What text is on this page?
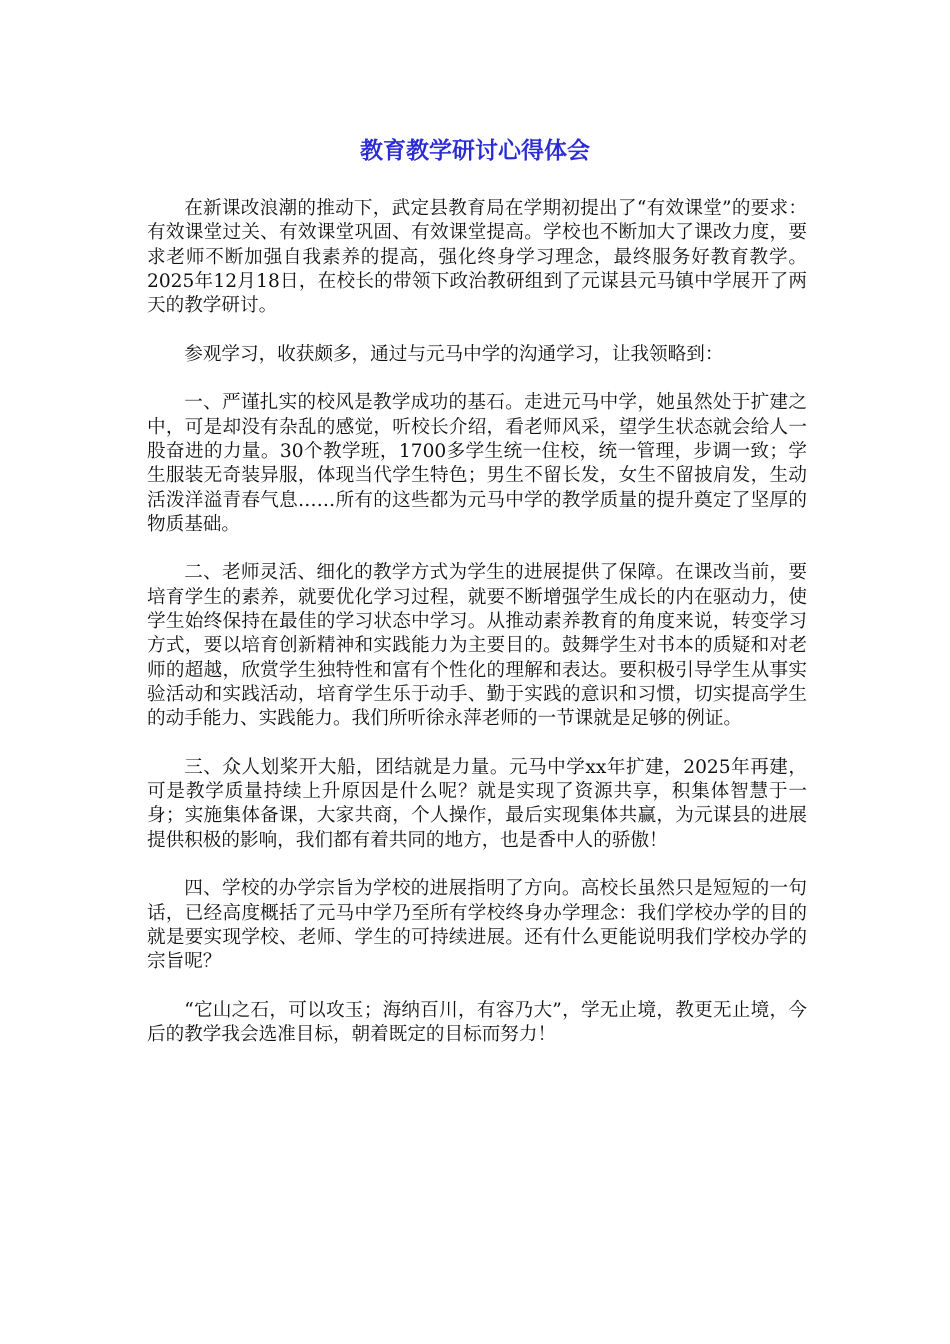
教育教学研讨心得体会

在新课改浪潮的推动下，武定县教育局在学期初提出了“有效课堂”的要求：有效课堂过关、有效课堂巩固、有效课堂提高。学校也不断加大了课改力度，要求老师不断加强自我素养的提高，强化终身学习理念，最终服务好教育教学。2025年12月18日，在校长的带领下政治教研组到了元谋县元马镇中学展开了两天的教学研讨。

参观学习，收获颇多，通过与元马中学的沟通学习，让我领略到：

一、严谨扎实的校风是教学成功的基石。走进元马中学，她虽然处于扩建之中，可是却没有杂乱的感觉，听校长介绍，看老师风采，望学生状态就会给人一股奋进的力量。30个教学班，1700多学生统一住校，统一管理，步调一致；学生服装无奇装异服，体现当代学生特色；男生不留长发，女生不留披肩发，生动活泼洋溢青春气息……所有的这些都为元马中学的教学质量的提升奠定了坚厚的物质基础。

二、老师灵活、细化的教学方式为学生的进展提供了保障。在课改当前，要培育学生的素养，就要优化学习过程，就要不断增强学生成长的内在驱动力，使学生始终保持在最佳的学习状态中学习。从推动素养教育的角度来说，转变学习方式，要以培育创新精神和实践能力为主要目的。鼓舞学生对书本的质疑和对老师的超越，欣赏学生独特性和富有个性化的理解和表达。要积极引导学生从事实验活动和实践活动，培育学生乐于动手、勤于实践的意识和习惯，切实提高学生的动手能力、实践能力。我们所听徐永萍老师的一节课就是足够的例证。

三、众人划桨开大船，团结就是力量。元马中学xx年扩建，2025年再建，可是教学质量持续上升原因是什么呢？就是实现了资源共享，积集体智慧于一身；实施集体备课，大家共商，个人操作，最后实现集体共赢，为元谋县的进展提供积极的影响，我们都有着共同的地方，也是香中人的骄傲！

四、学校的办学宗旨为学校的进展指明了方向。高校长虽然只是短短的一句话，已经高度概括了元马中学乃至所有学校终身办学理念：我们学校办学的目的就是要实现学校、老师、学生的可持续进展。还有什么更能说明我们学校办学的宗旨呢？

“它山之石，可以攻玉；海纳百川，有容乃大”，学无止境，教更无止境，今后的教学我会选准目标，朝着既定的目标而努力！
